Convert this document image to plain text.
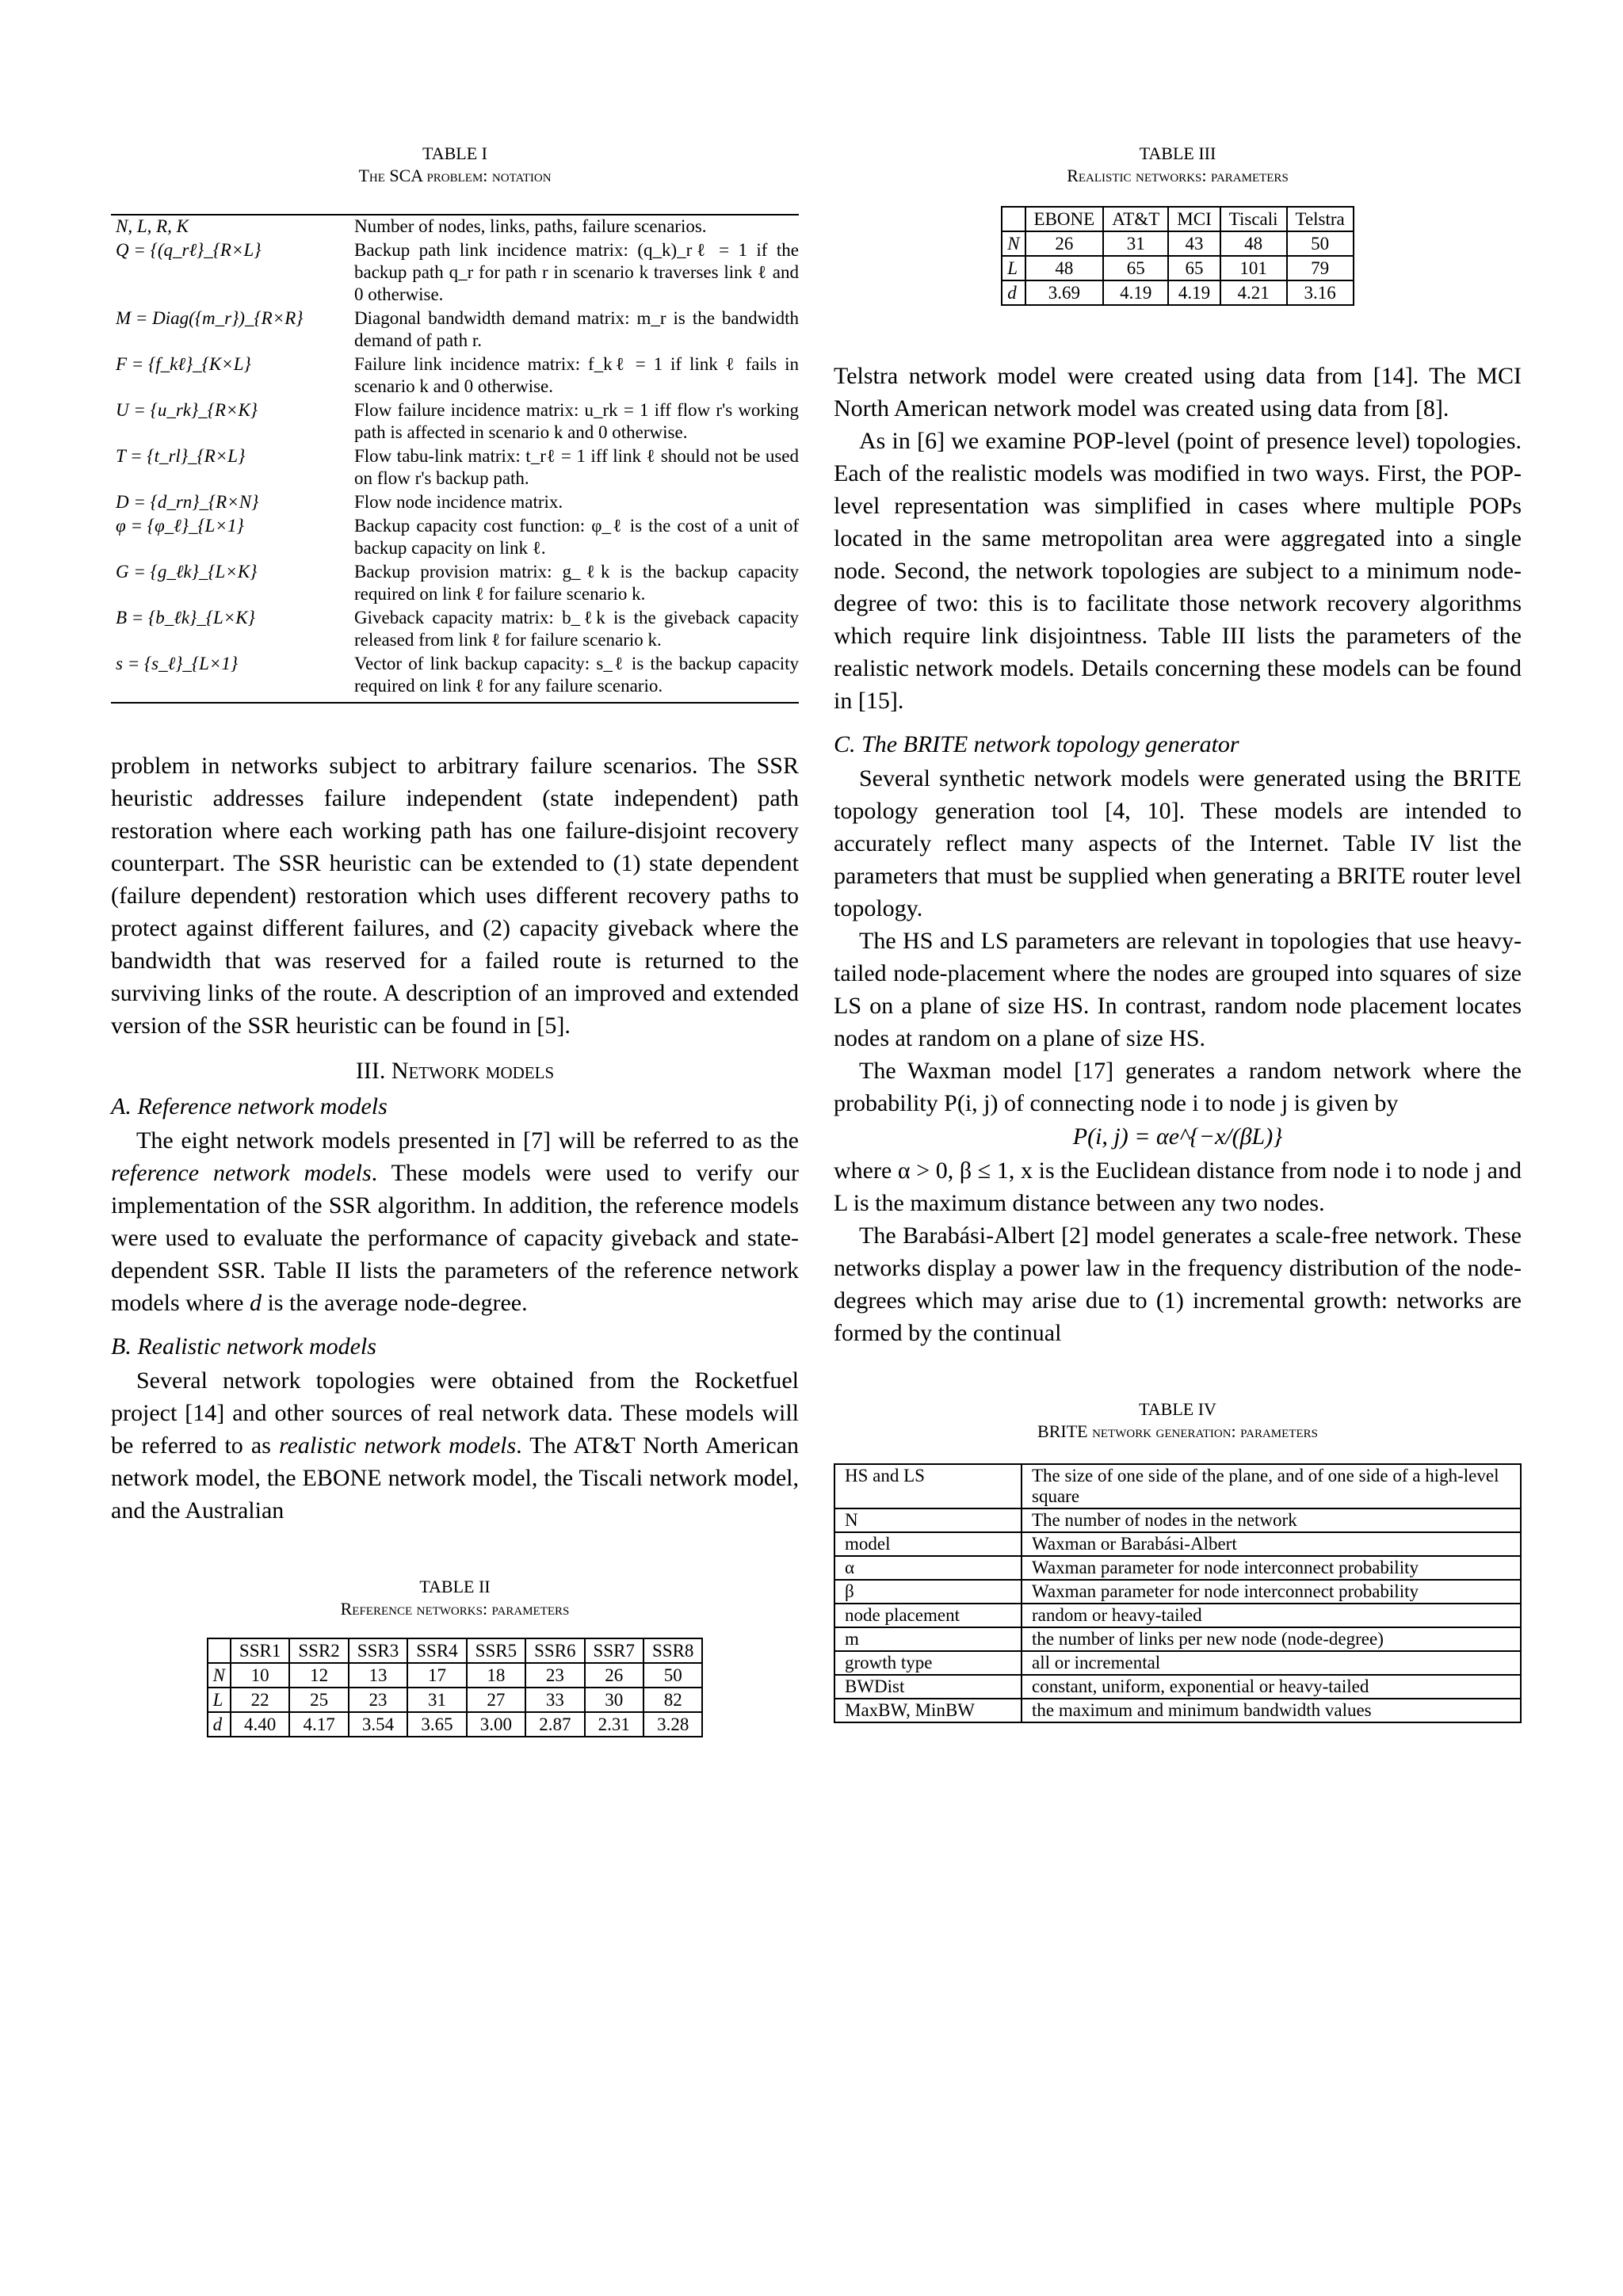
TABLE I
The SCA problem: notation
N, L, R, K	Number of nodes, links, paths, failure scenarios.
Q = {(q_rℓ}_{R×L}	Backup path link incidence matrix: (q_k)_rℓ = 1 if the backup path q_r for path r in scenario k traverses link ℓ and 0 otherwise.
M = Diag({m_r})_{R×R}	Diagonal bandwidth demand matrix: m_r is the bandwidth demand of path r.
F = {f_kℓ}_{K×L}	Failure link incidence matrix: f_kℓ = 1 if link ℓ fails in scenario k and 0 otherwise.
U = {u_rk}_{R×K}	Flow failure incidence matrix: u_rk = 1 iff flow r's working path is affected in scenario k and 0 otherwise.
T = {t_rl}_{R×L}	Flow tabu-link matrix: t_rℓ = 1 iff link ℓ should not be used on flow r's backup path.
D = {d_rn}_{R×N}	Flow node incidence matrix.
φ = {φ_ℓ}_{L×1}	Backup capacity cost function: φ_ℓ is the cost of a unit of backup capacity on link ℓ.
G = {g_ℓk}_{L×K}	Backup provision matrix: g_ℓk is the backup capacity required on link ℓ for failure scenario k.
B = {b_ℓk}_{L×K}	Giveback capacity matrix: b_ℓk is the giveback capacity released from link ℓ for failure scenario k.
s = {s_ℓ}_{L×1}	Vector of link backup capacity: s_ℓ is the backup capacity required on link ℓ for any failure scenario.

problem in networks subject to arbitrary failure scenarios. The SSR heuristic addresses failure independent (state independent) path restoration where each working path has one failure-disjoint recovery counterpart. The SSR heuristic can be extended to (1) state dependent (failure dependent) restoration which uses different recovery paths to protect against different failures, and (2) capacity giveback where the bandwidth that was reserved for a failed route is returned to the surviving links of the route. A description of an improved and extended version of the SSR heuristic can be found in [5].

III. Network models
A. Reference network models

The eight network models presented in [7] will be referred to as the reference network models. These models were used to verify our implementation of the SSR algorithm. In addition, the reference models were used to evaluate the performance of capacity giveback and state-dependent SSR. Table II lists the parameters of the reference network models where d is the average node-degree.

B. Realistic network models

Several network topologies were obtained from the Rocketfuel project [14] and other sources of real network data. These models will be referred to as realistic network models. The AT&T North American network model, the EBONE network model, the Tiscali network model, and the Australian

TABLE II
Reference networks: parameters
	SSR1	SSR2	SSR3	SSR4	SSR5	SSR6	SSR7	SSR8
N	10	12	13	17	18	23	26	50
L	22	25	23	31	27	33	30	82
d	4.40	4.17	3.54	3.65	3.00	2.87	2.31	3.28
TABLE III
Realistic networks: parameters
	EBONE	AT&T	MCI	Tiscali	Telstra
N	26	31	43	48	50
L	48	65	65	101	79
d	3.69	4.19	4.19	4.21	3.16

Telstra network model were created using data from [14]. The MCI North American network model was created using data from [8].

As in [6] we examine POP-level (point of presence level) topologies. Each of the realistic models was modified in two ways. First, the POP-level representation was simplified in cases where multiple POPs located in the same metropolitan area were aggregated into a single node. Second, the network topologies are subject to a minimum node-degree of two: this is to facilitate those network recovery algorithms which require link disjointness. Table III lists the parameters of the realistic network models. Details concerning these models can be found in [15].

C. The BRITE network topology generator

Several synthetic network models were generated using the BRITE topology generation tool [4, 10]. These models are intended to accurately reflect many aspects of the Internet. Table IV list the parameters that must be supplied when generating a BRITE router level topology.

The HS and LS parameters are relevant in topologies that use heavy-tailed node-placement where the nodes are grouped into squares of size LS on a plane of size HS. In contrast, random node placement locates nodes at random on a plane of size HS.

The Waxman model [17] generates a random network where the probability P(i, j) of connecting node i to node j is given by

P(i, j) = αe^{−x/(βL)}

where α > 0, β ≤ 1, x is the Euclidean distance from node i to node j and L is the maximum distance between any two nodes.

The Barabási-Albert [2] model generates a scale-free network. These networks display a power law in the frequency distribution of the node-degrees which may arise due to (1) incremental growth: networks are formed by the continual

TABLE IV
BRITE network generation: parameters
HS and LS	The size of one side of the plane, and of one side of a high-level square
N	The number of nodes in the network
model	Waxman or Barabási-Albert
α	Waxman parameter for node interconnect probability
β	Waxman parameter for node interconnect probability
node placement	random or heavy-tailed
m	the number of links per new node (node-degree)
growth type	all or incremental
BWDist	constant, uniform, exponential or heavy-tailed
MaxBW, MinBW	the maximum and minimum bandwidth values
